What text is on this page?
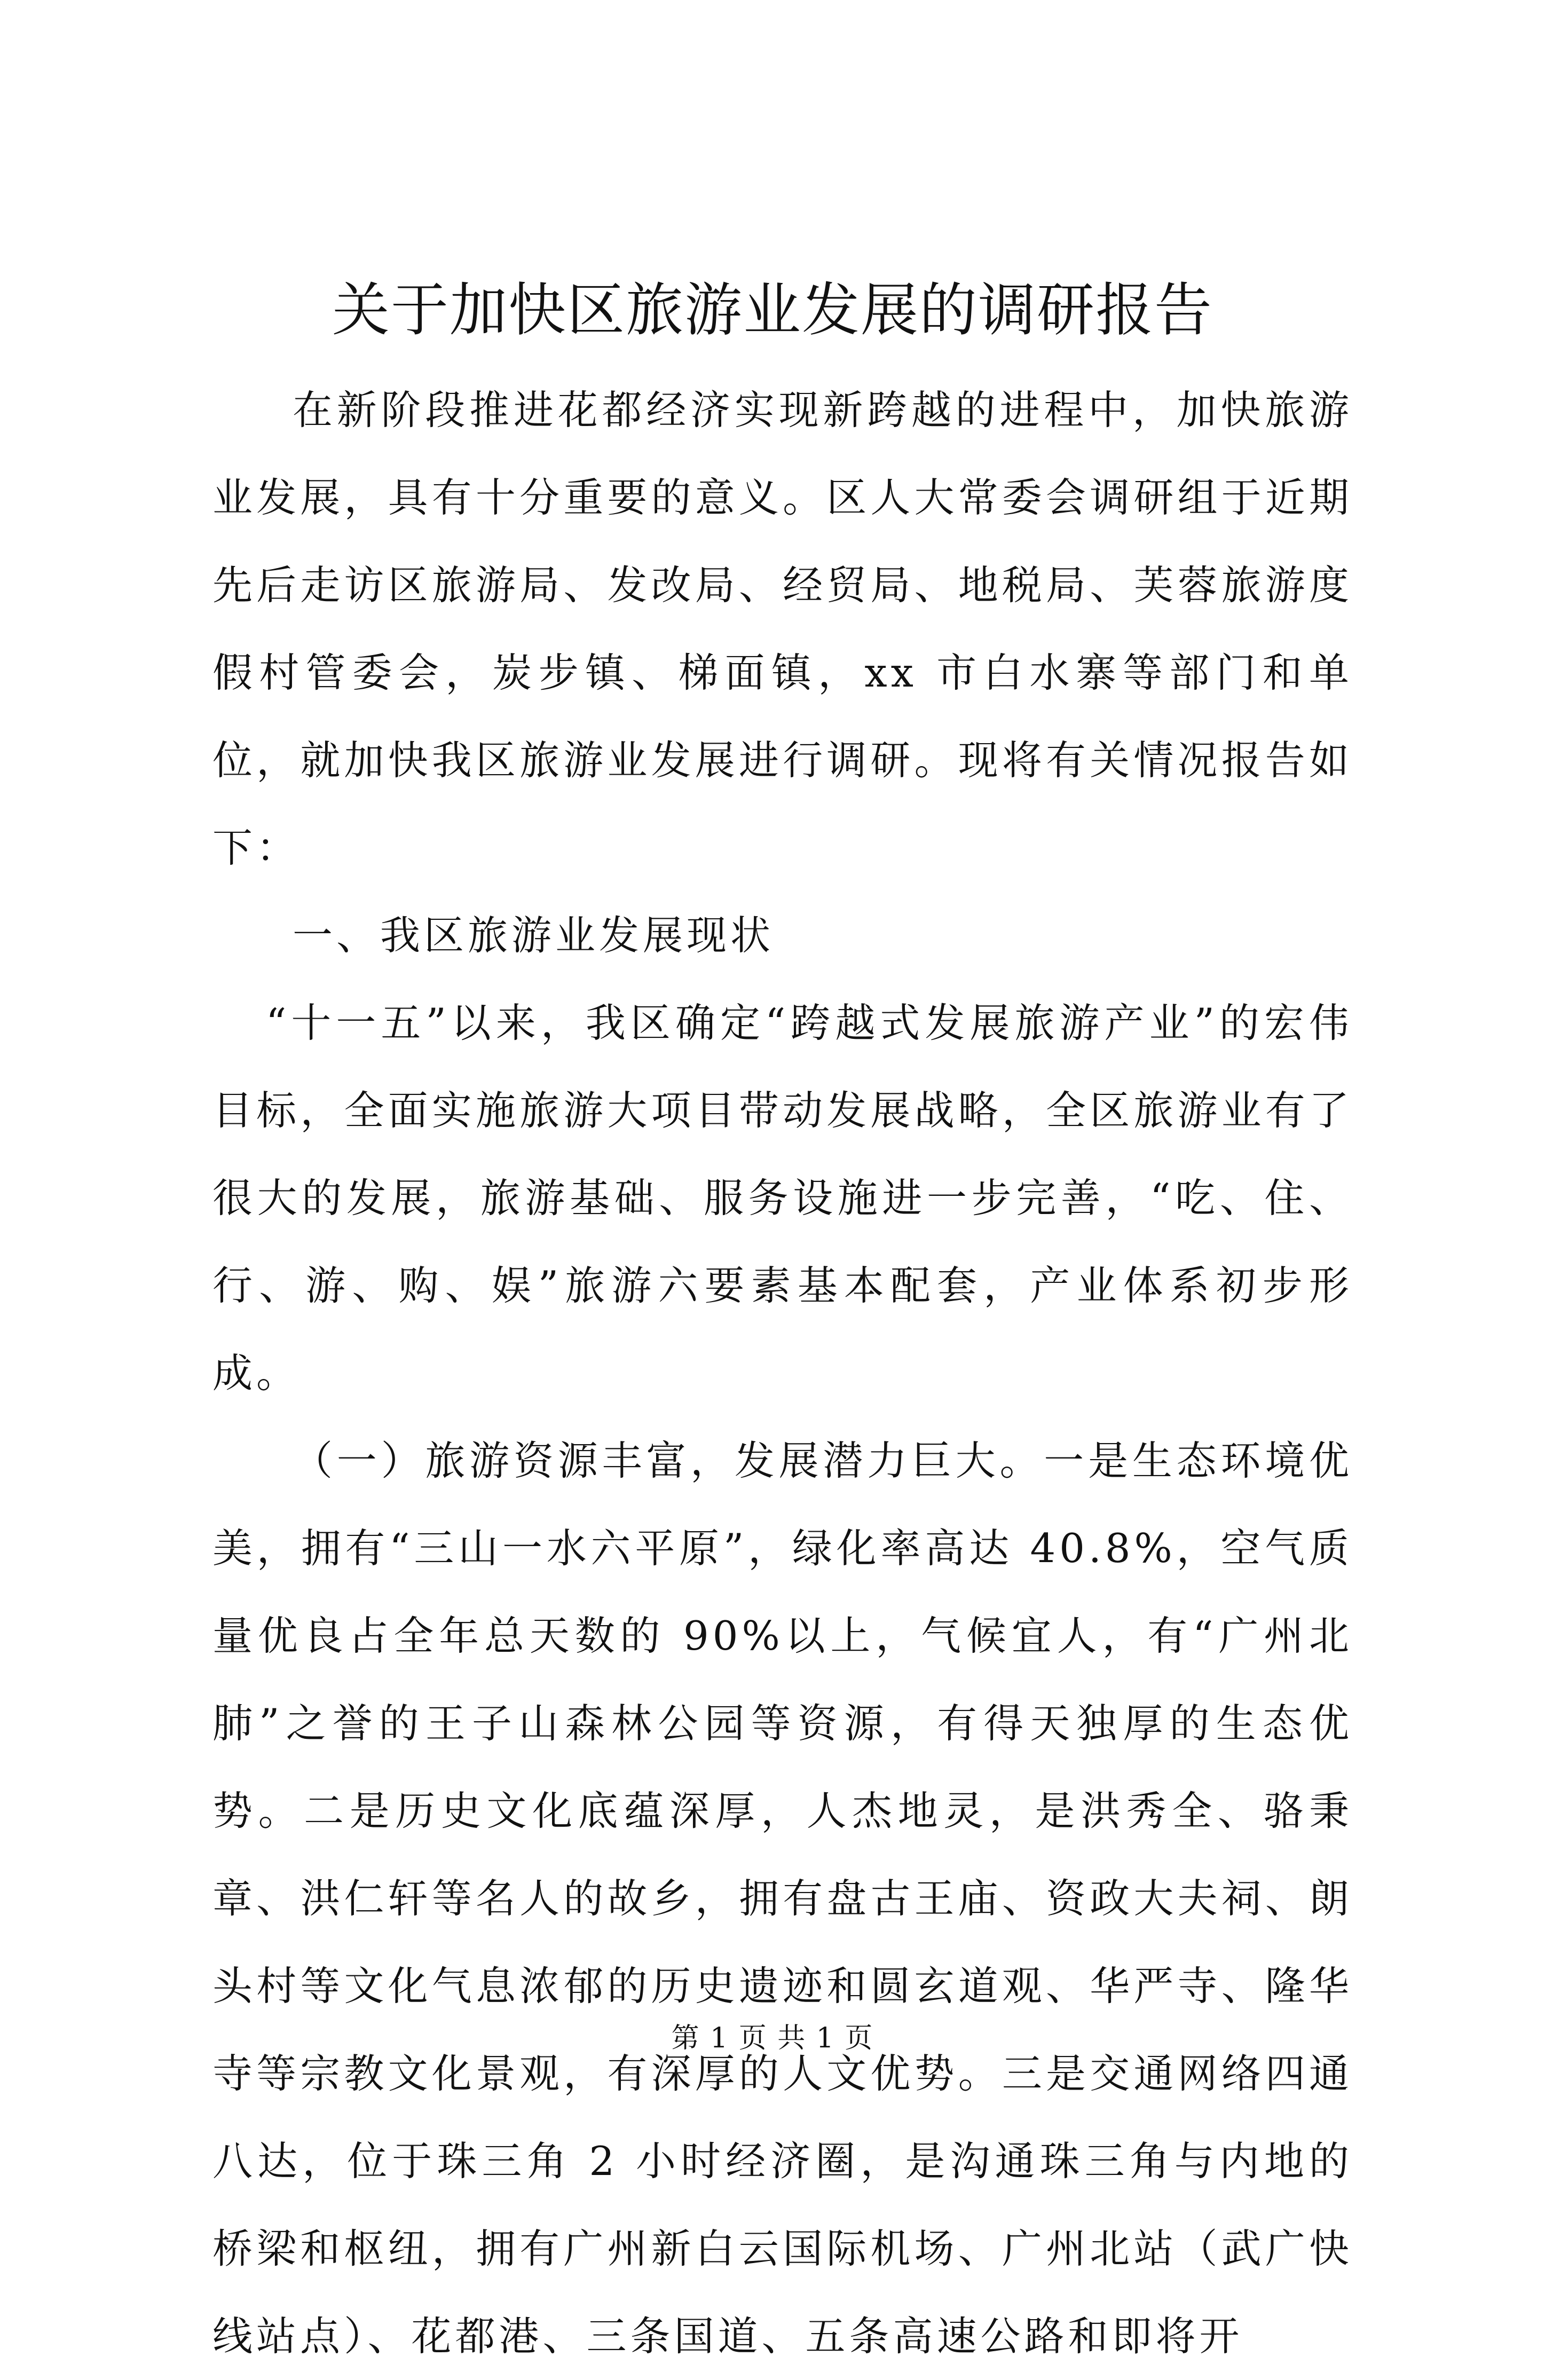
关于加快区旅游业发展的调研报告

在新阶段推进花都经济实现新跨越的进程中，加快旅游业发展，具有十分重要的意义。区人大常委会调研组于近期先后走访区旅游局、发改局、经贸局、地税局、芙蓉旅游度假村管委会，炭步镇、梯面镇，xx 市白水寨等部门和单位，就加快我区旅游业发展进行调研。现将有关情况报告如下：

一、我区旅游业发展现状

“十一五”以来，我区确定“跨越式发展旅游产业”的宏伟目标，全面实施旅游大项目带动发展战略，全区旅游业有了很大的发展，旅游基础、服务设施进一步完善，“吃、住、行、游、购、娱”旅游六要素基本配套，产业体系初步形成。

（一）旅游资源丰富，发展潜力巨大。一是生态环境优美，拥有“三山一水六平原”，绿化率高达 40.8%，空气质量优良占全年总天数的 90%以上，气候宜人，有“广州北肺”之誉的王子山森林公园等资源，有得天独厚的生态优势。二是历史文化底蕴深厚，人杰地灵，是洪秀全、骆秉章、洪仁轩等名人的故乡，拥有盘古王庙、资政大夫祠、朗头村等文化气息浓郁的历史遗迹和圆玄道观、华严寺、隆华寺等宗教文化景观，有深厚的人文优势。三是交通网络四通八达，位于珠三角 2 小时经济圈，是沟通珠三角与内地的桥梁和枢纽，拥有广州新白云国际机场、广州北站（武广快线站点）、花都港、三条国道、五条高速公路和即将开

第 1 页 共 1 页
